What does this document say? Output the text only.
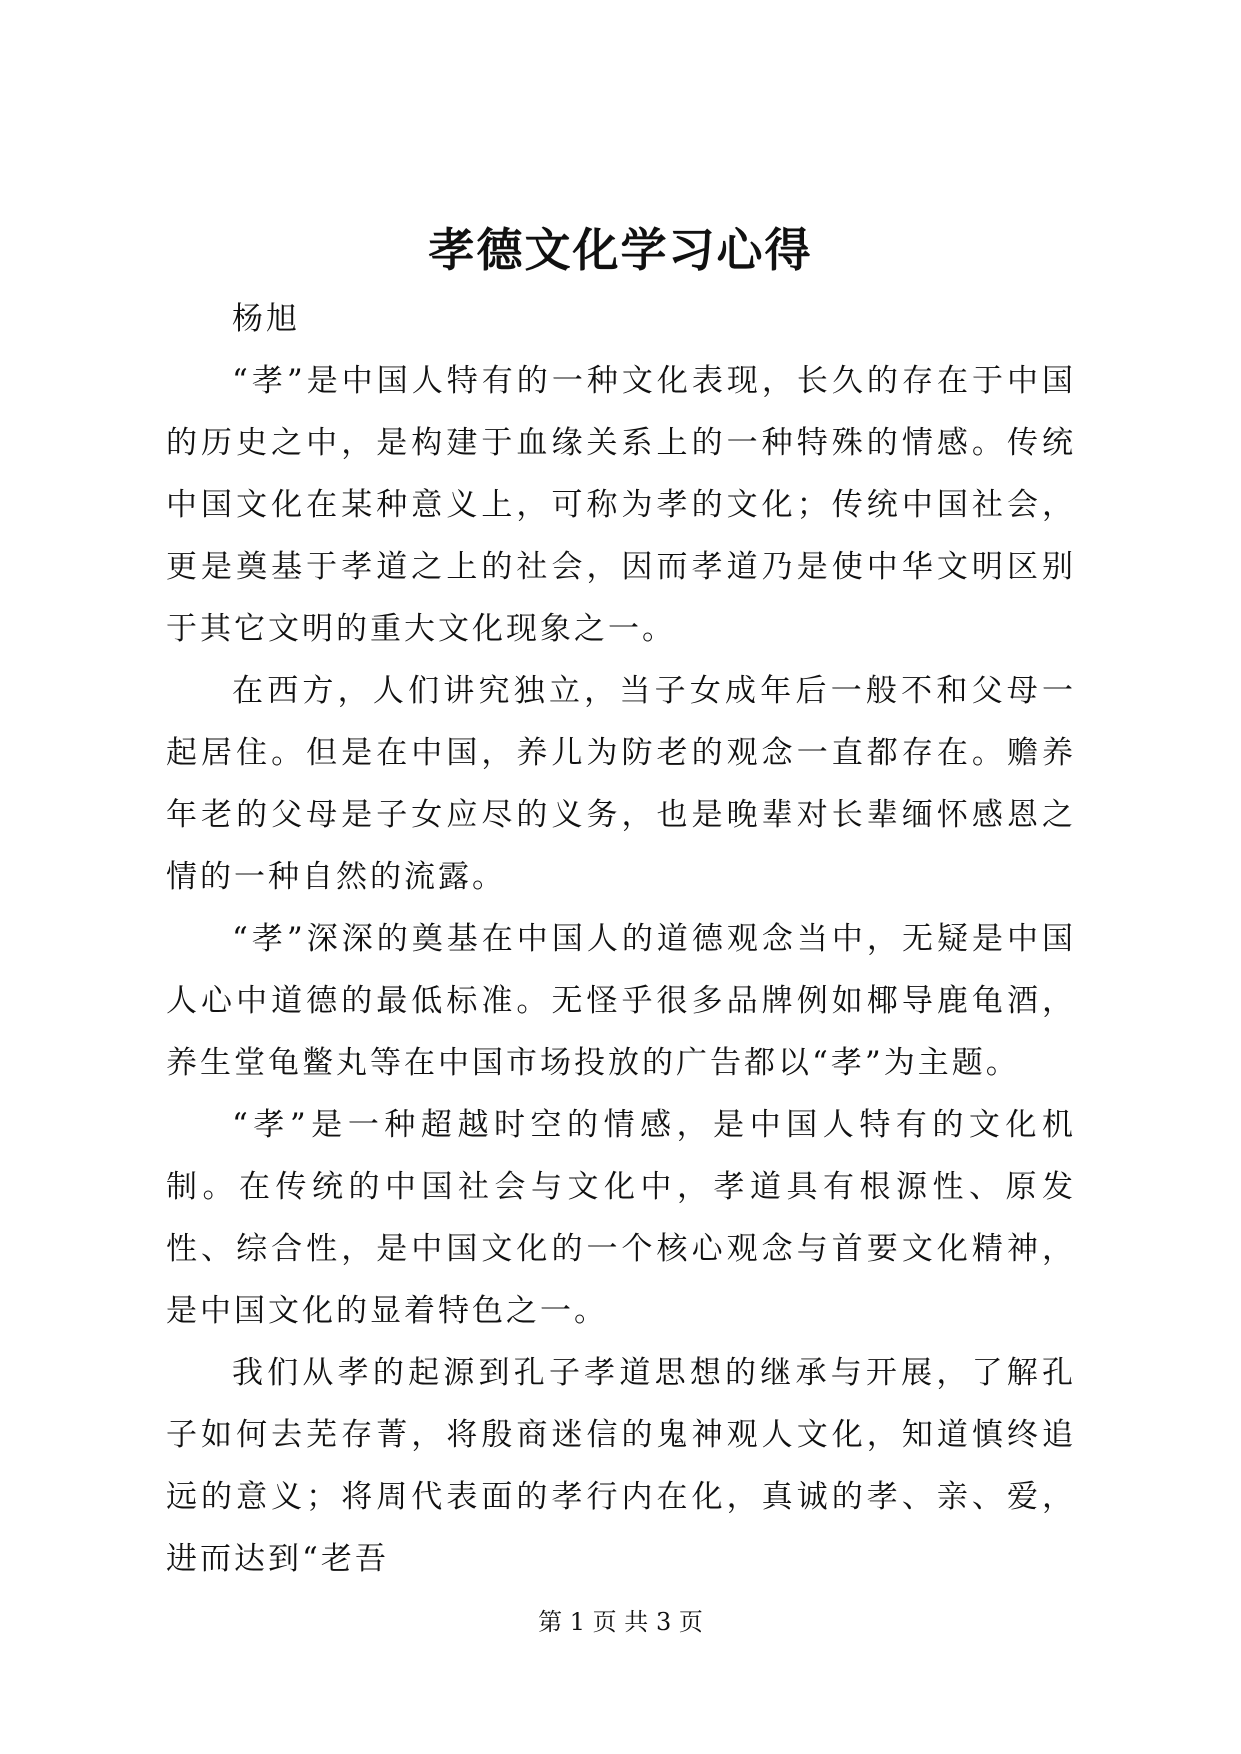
孝德文化学习心得

杨旭

“孝”是中国人特有的一种文化表现，长久的存在于中国的历史之中，是构建于血缘关系上的一种特殊的情感。传统中国文化在某种意义上，可称为孝的文化；传统中国社会，更是奠基于孝道之上的社会，因而孝道乃是使中华文明区别于其它文明的重大文化现象之一。

在西方，人们讲究独立，当子女成年后一般不和父母一起居住。但是在中国，养儿为防老的观念一直都存在。赡养年老的父母是子女应尽的义务，也是晚辈对长辈缅怀感恩之情的一种自然的流露。

“孝”深深的奠基在中国人的道德观念当中，无疑是中国人心中道德的最低标准。无怪乎很多品牌例如椰导鹿龟酒，养生堂龟鳖丸等在中国市场投放的广告都以“孝”为主题。

“孝”是一种超越时空的情感，是中国人特有的文化机制。在传统的中国社会与文化中，孝道具有根源性、原发性、综合性，是中国文化的一个核心观念与首要文化精神，是中国文化的显着特色之一。

我们从孝的起源到孔子孝道思想的继承与开展，了解孔子如何去芜存菁，将殷商迷信的鬼神观人文化，知道慎终追远的意义；将周代表面的孝行内在化，真诚的孝、亲、爱，进而达到“老吾

第 1 页 共 3 页
